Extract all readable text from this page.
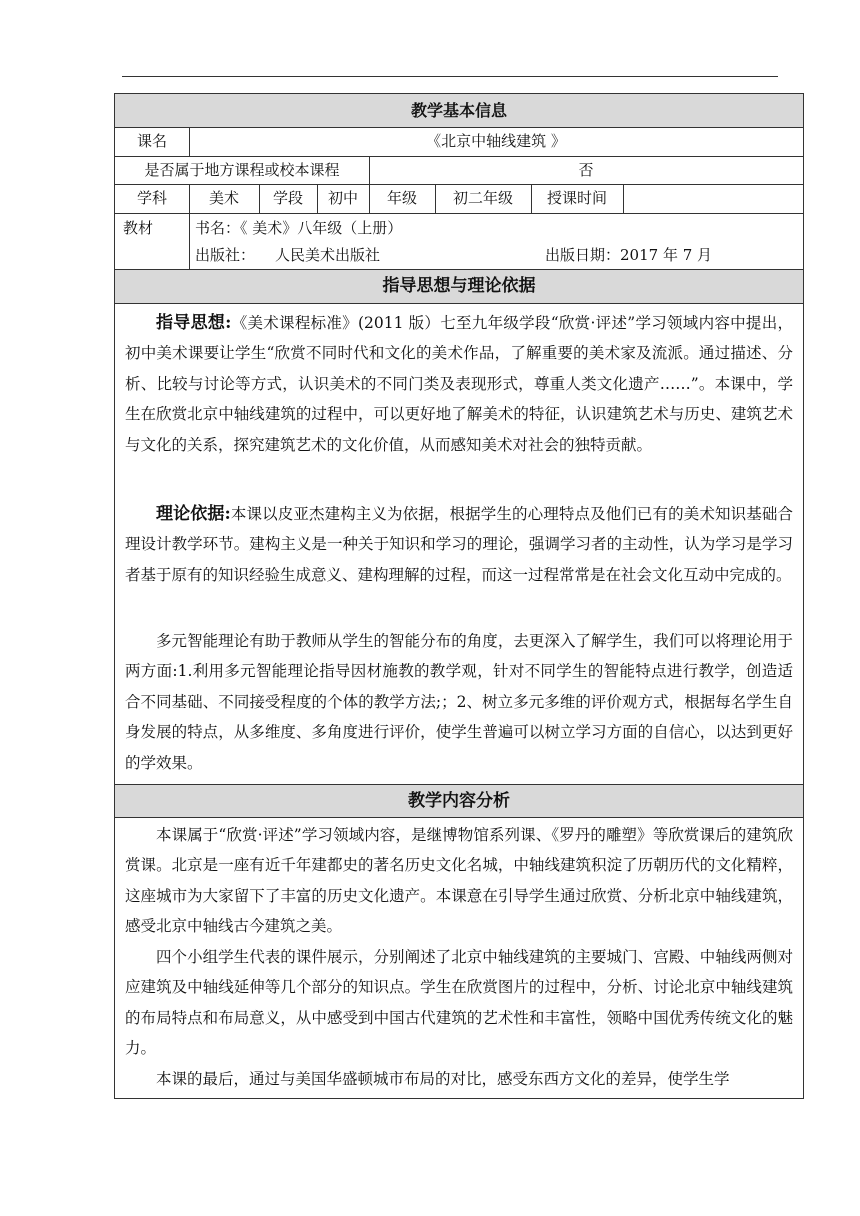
教学基本信息
课名	《北京中轴线建筑 》
是否属于地方课程或校本课程	否
学科	美术	学段	初中	年级	初二年级	授课时间
教材	书名：《 美术》八年级（上册）
出版社：	人民美术出版社	出版日期：2017 年 7 月
指导思想与理论依据

指导思想:《美术课程标准》(2011 版）七至九年级学段“欣赏·评述”学习领域内容中提出，初中美术课要让学生“欣赏不同时代和文化的美术作品，了解重要的美术家及流派。通过描述、分析、比较与讨论等方式，认识美术的不同门类及表现形式，尊重人类文化遗产……”。本课中，学生在欣赏北京中轴线建筑的过程中，可以更好地了解美术的特征，认识建筑艺术与历史、建筑艺术与文化的关系，探究建筑艺术的文化价值，从而感知美术对社会的独特贡献。

理论依据:本课以皮亚杰建构主义为依据，根据学生的心理特点及他们已有的美术知识基础合理设计教学环节。建构主义是一种关于知识和学习的理论，强调学习者的主动性，认为学习是学习者基于原有的知识经验生成意义、建构理解的过程，而这一过程常常是在社会文化互动中完成的。

多元智能理论有助于教师从学生的智能分布的角度，去更深入了解学生，我们可以将理论用于两方面:1.利用多元智能理论指导因材施教的教学观，针对不同学生的智能特点进行教学，创造适合不同基础、不同接受程度的个体的教学方法;；2、树立多元多维的评价观方式，根据每名学生自身发展的特点，从多维度、多角度进行评价，使学生普遍可以树立学习方面的自信心，以达到更好的学效果。

教学内容分析

本课属于“欣赏·评述”学习领域内容，是继博物馆系列课、《罗丹的雕塑》等欣赏课后的建筑欣赏课。北京是一座有近千年建都史的著名历史文化名城，中轴线建筑积淀了历朝历代的文化精粹，这座城市为大家留下了丰富的历史文化遗产。本课意在引导学生通过欣赏、分析北京中轴线建筑，感受北京中轴线古今建筑之美。

四个小组学生代表的课件展示，分别阐述了北京中轴线建筑的主要城门、宫殿、中轴线两侧对应建筑及中轴线延伸等几个部分的知识点。学生在欣赏图片的过程中，分析、讨论北京中轴线建筑的布局特点和布局意义，从中感受到中国古代建筑的艺术性和丰富性，领略中国优秀传统文化的魅力。

本课的最后，通过与美国华盛顿城市布局的对比，感受东西方文化的差异，使学生学
